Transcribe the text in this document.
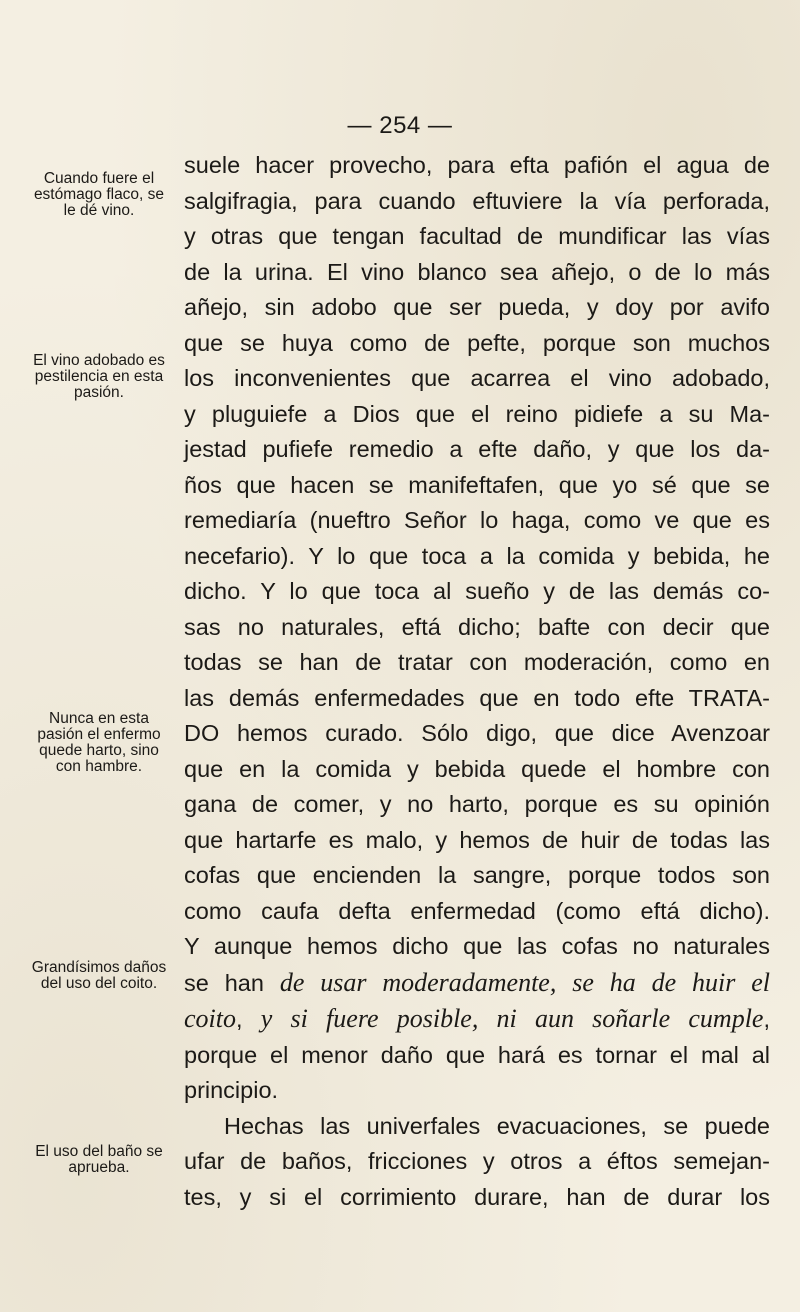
— 254 —
Cuando fuere el estómago flaco, se le dé vino.
El vino adobado es pestilencia en esta pasión.
Nunca en esta pasión el enfermo quede harto, sino con hambre.
Grandísimos daños del uso del coito.
El uso del baño se aprueba.
suele hacer provecho, para efta pafión el agua de
salgifragia, para cuando eftuviere la vía perforada,
y otras que tengan facultad de mundificar las vías
de la urina. El vino blanco sea añejo, o de lo más
añejo, sin adobo que ser pueda, y doy por avifo
que se huya como de pefte, porque son muchos
los inconvenientes que acarrea el vino adobado,
y pluguiefe a Dios que el reino pidiefe a su Ma-
jestad pufiefe remedio a efte daño, y que los da-
ños que hacen se manifeftafen, que yo sé que se
remediaría (nueftro Señor lo haga, como ve que es
necefario). Y lo que toca a la comida y bebida, he
dicho. Y lo que toca al sueño y de las demás co-
sas no naturales, eftá dicho; bafte con decir que
todas se han de tratar con moderación, como en
las demás enfermedades que en todo efte TRATA-
DO hemos curado. Sólo digo, que dice Avenzoar
que en la comida y bebida quede el hombre con
gana de comer, y no harto, porque es su opinión
que hartarfe es malo, y hemos de huir de todas las
cofas que encienden la sangre, porque todos son
como caufa defta enfermedad (como eftá dicho).
Y aunque hemos dicho que las cofas no naturales
se han de usar moderadamente, se ha de huir el
coito, y si fuere posible, ni aun soñarle cumple,
porque el menor daño que hará es tornar el mal al
principio.
Hechas las univerfales evacuaciones, se puede
ufar de baños, fricciones y otros a éftos semejan-
tes, y si el corrimiento durare, han de durar los
